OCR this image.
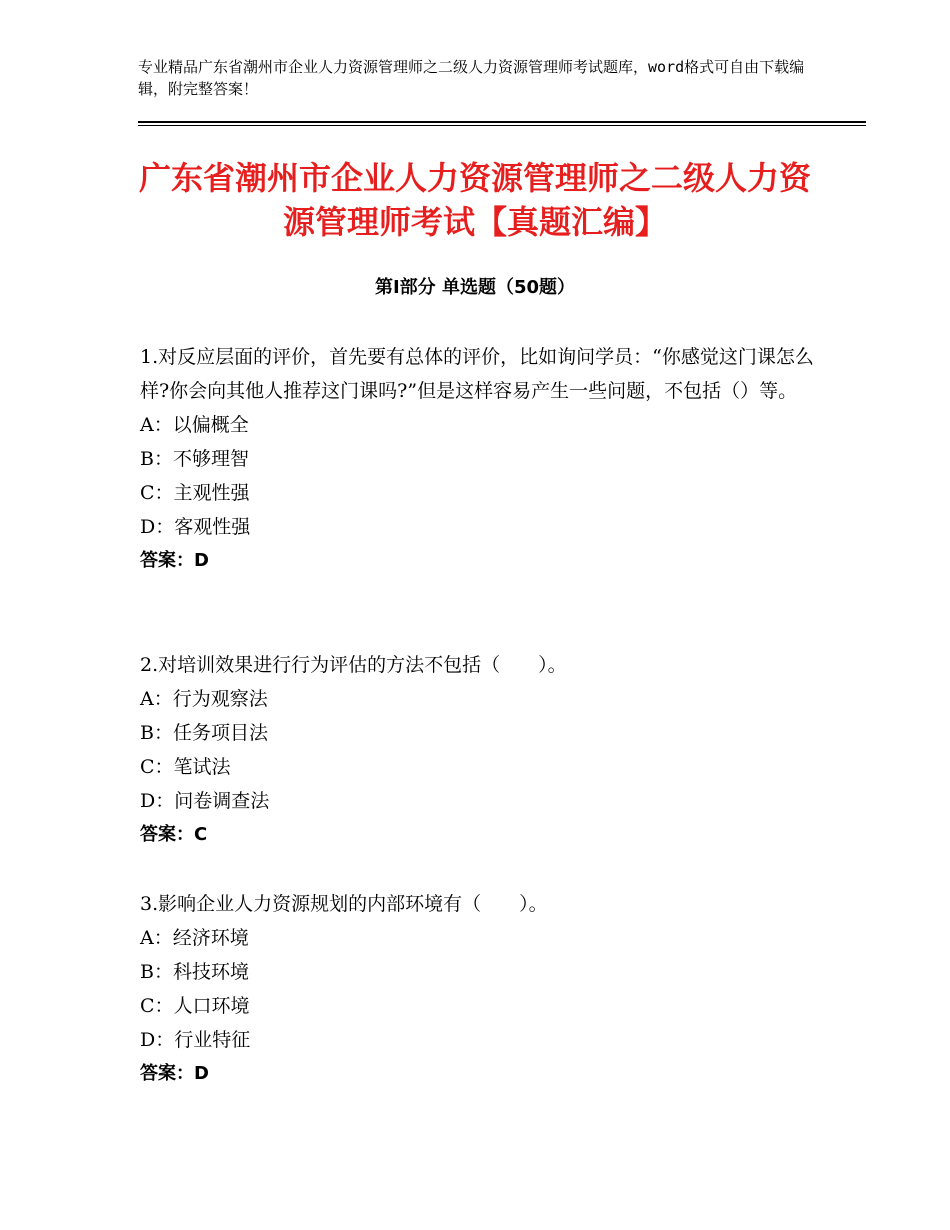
专业精品广东省潮州市企业人力资源管理师之二级人力资源管理师考试题库，word格式可自由下载编辑，附完整答案！
广东省潮州市企业人力资源管理师之二级人力资源管理师考试【真题汇编】
第Ⅰ部分 单选题（50题）

1.对反应层面的评价，首先要有总体的评价，比如询问学员：“你感觉这门课怎么样?你会向其他人推荐这门课吗?”但是这样容易产生一些问题，不包括（）等。

A：以偏概全

B：不够理智

C：主观性强

D：客观性强

答案：D

2.对培训效果进行行为评估的方法不包括（　　）。

A：行为观察法

B：任务项目法

C：笔试法

D：问卷调查法

答案：C

3.影响企业人力资源规划的内部环境有（　　）。

A：经济环境

B：科技环境

C：人口环境

D：行业特征

答案：D
